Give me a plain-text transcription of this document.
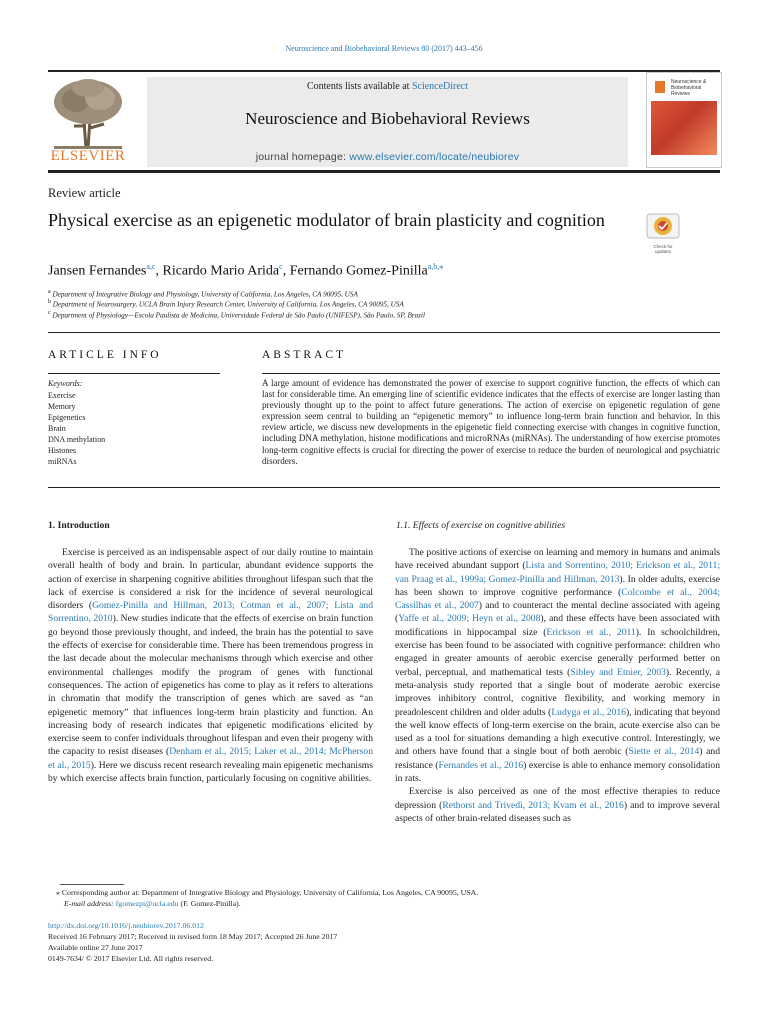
Neuroscience and Biobehavioral Reviews 80 (2017) 443–456
ELSEVIER
Contents lists available at ScienceDirect
Neuroscience and Biobehavioral Reviews
journal homepage: www.elsevier.com/locate/neubiorev
Neuroscience & Biobehavioral Reviews
Review article
Physical exercise as an epigenetic modulator of brain plasticity and cognition
Check for updates
Jansen Fernandes$^{a,c}$, Ricardo Mario Arida$^c$, Fernando Gomez-Pinilla$^{a,b,⁎}$
$^a$ Department of Integrative Biology and Physiology, University of California, Los Angeles, CA 90095, USA
$^b$ Department of Neurosurgery, UCLA Brain Injury Research Center, University of California, Los Angeles, CA 90095, USA
$^c$ Department of Physiology—Escola Paulista de Medicina, Universidade Federal de São Paulo (UNIFESP), São Paulo, SP, Brazil
ARTICLE INFO
Keywords:
Exercise
Memory
Epigenetics
Brain
DNA methylation
Histones
miRNAs
ABSTRACT
A large amount of evidence has demonstrated the power of exercise to support cognitive function, the effects of which can last for considerable time. An emerging line of scientific evidence indicates that the effects of exercise are longer lasting than previously thought up to the point to affect future generations. The action of exercise on epigenetic regulation of gene expression seem central to building an “epigenetic memory” to influence long-term brain function and behavior. In this review article, we discuss new developments in the epigenetic field connecting exercise with changes in cognitive function, including DNA methylation, histone modifications and microRNAs (miRNAs). The understanding of how exercise promotes long-term cognitive effects is crucial for directing the power of exercise to reduce the burden of neurological and psychiatric disorders.
1. Introduction	1.1. Effects of exercise on cognitive abilities

Exercise is perceived as an indispensable aspect of our daily routine to maintain overall health of body and brain. In particular, abundant evidence supports the action of exercise in sharpening cognitive abilities throughout lifespan such that the lack of exercise is considered a risk for the incidence of several neurological disorders (Gomez-Pinilla and Hillman, 2013; Cotman et al., 2007; Lista and Sorrentino, 2010). New studies indicate that the effects of exercise on brain function go beyond those previously thought, and indeed, the brain has the potential to save the effects of exercise for considerable time. There has been tremendous progress in the last decade about the molecular mechanisms through which exercise and other environmental challenges modify the program of genes with functional consequences. The action of epigenetics has come to play as it refers to alterations in chromatin that modify the transcription of genes which are saved as “an epigenetic memory” that influences long-term brain plasticity and function. An increasing body of research indicates that epigenetic modifications elicited by exercise seem to confer individuals throughout lifespan and even their progeny with the capacity to resist diseases (Denham et al., 2015; Laker et al., 2014; McPherson et al., 2015). Here we discuss recent research revealing main epigenetic mechanisms by which exercise affects brain function, particularly focusing on cognitive abilities.

The positive actions of exercise on learning and memory in humans and animals have received abundant support (Lista and Sorrentino, 2010; Erickson et al., 2011; van Praag et al., 1999a; Gomez-Pinilla and Hillman, 2013). In older adults, exercise has been shown to improve cognitive performance (Colcombe et al., 2004; Cassilhas et al., 2007) and to counteract the mental decline associated with ageing (Yaffe et al., 2009; Heyn et al., 2008), and these effects have been associated with modifications in hippocampal size (Erickson et al., 2011). In schoolchildren, exercise has been found to be associated with cognitive performance: children who engaged in greater amounts of aerobic exercise generally performed better on verbal, perceptual, and mathematical tests (Sibley and Etnier, 2003). Recently, a meta-analysis study reported that a single bout of moderate aerobic exercise improves inhibitory control, cognitive flexibility, and working memory in preadolescent children and older adults (Ludyga et al., 2016), indicating that beyond the well know effects of long-term exercise on the brain, acute exercise also can be used as a tool for situations demanding a high executive control. Interestingly, we and others have found that a single bout of both aerobic (Siette et al., 2014) and resistance (Fernandes et al., 2016) exercise is able to enhance memory consolidation in rats.

Exercise is also perceived as one of the most effective therapies to reduce depression (Rethorst and Trivedi, 2013; Kvam et al., 2016) and to improve several aspects of other brain-related diseases such as

⁎ Corresponding author at: Department of Integrative Biology and Physiology, University of California, Los Angeles, CA 90095, USA.
E-mail address: fgomezpi@ucla.edu (F. Gomez-Pinilla).
http://dx.doi.org/10.1016/j.neubiorev.2017.06.012
Received 16 February 2017; Received in revised form 18 May 2017; Accepted 26 June 2017
Available online 27 June 2017
0149-7634/ © 2017 Elsevier Ltd. All rights reserved.
